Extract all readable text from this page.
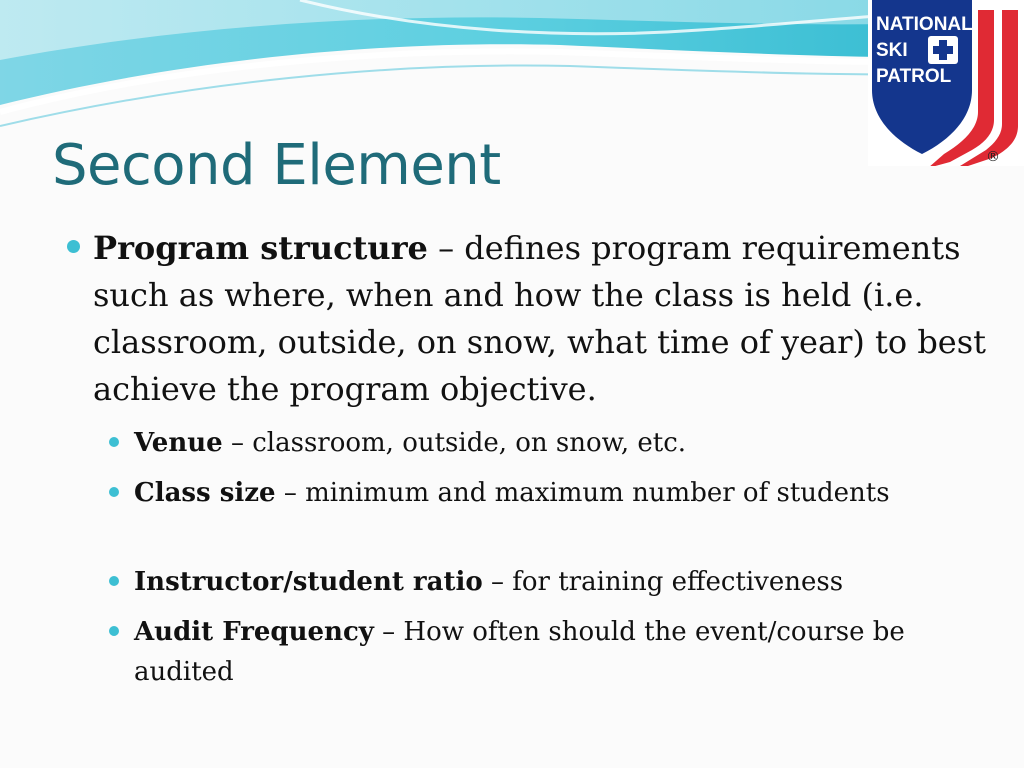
NATIONAL
SKI
PATROL
®
Second Element
Program structure – defines program requirements such as where, when and how the class is held (i.e. classroom, outside, on snow, what time of year) to best achieve the program objective.
Venue – classroom, outside, on snow, etc.
Class size – minimum and maximum number of students
Instructor/student ratio – for training effectiveness
Audit Frequency – How often should the event/course be audited
